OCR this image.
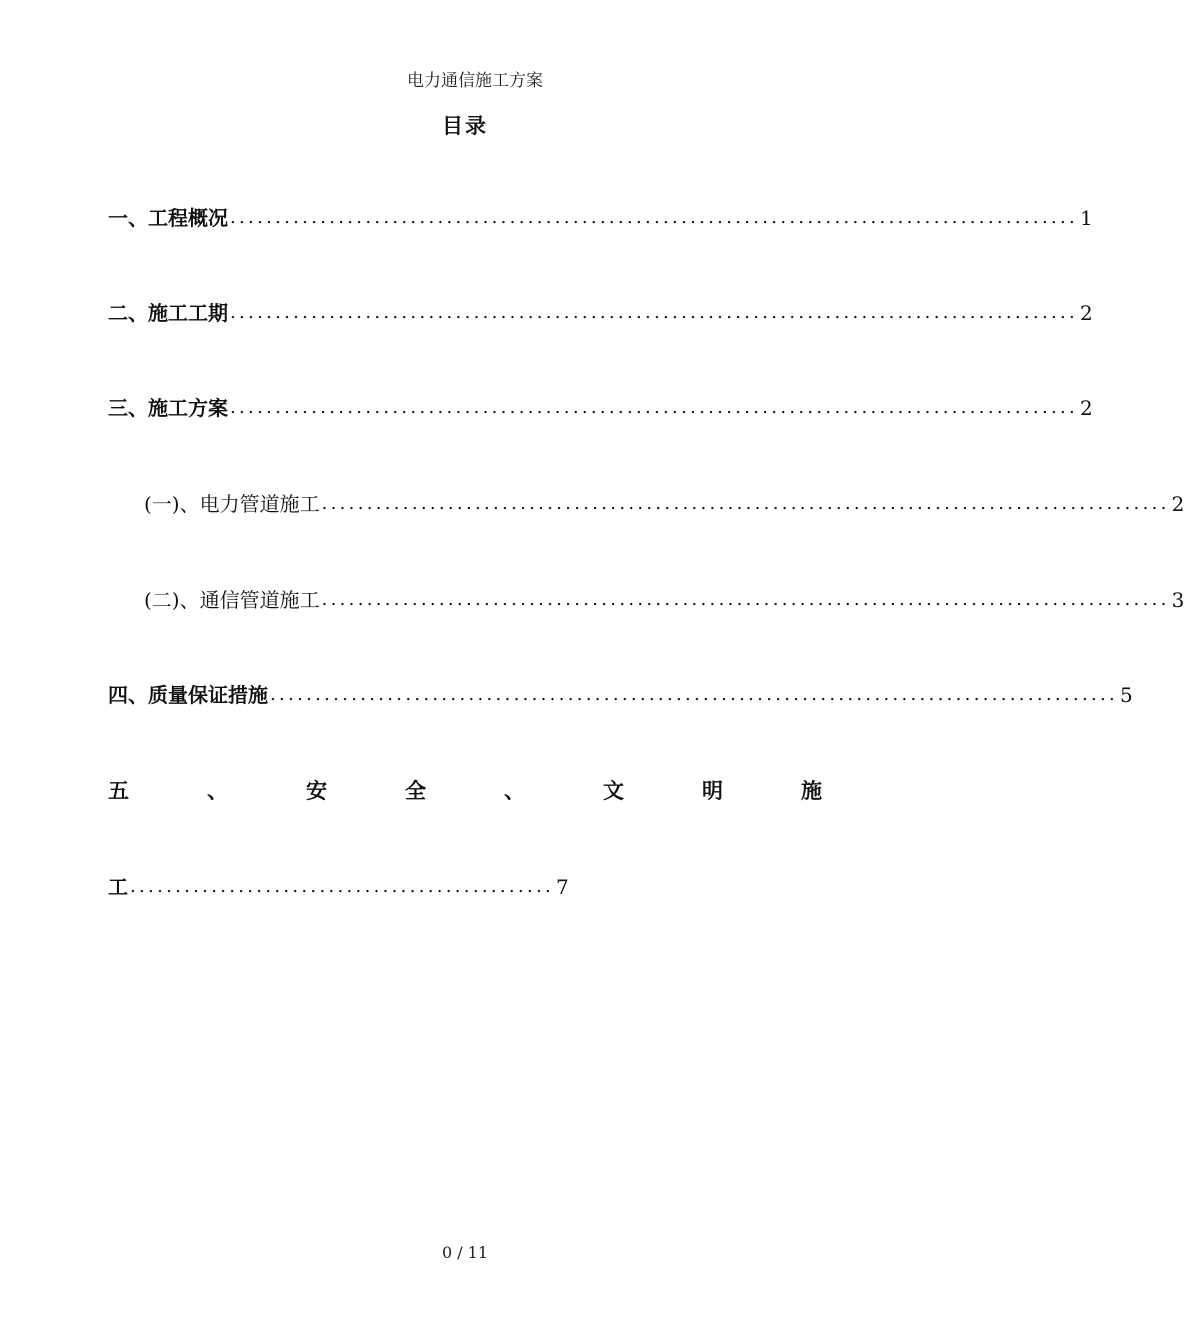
电力通信施工方案
目录
一、工程概况 .............................................................................................. 1
二、施工工期 .............................................................................................. 2
三、施工方案 .............................................................................................. 2
(一)、电力管道施工 .............................................................................................. 2
(二)、通信管道施工 .............................................................................................. 3
四、质量保证措施 .............................................................................................. 5
五	、	安	全	、	文	明	施
工 ............................................... 7
0 / 11
